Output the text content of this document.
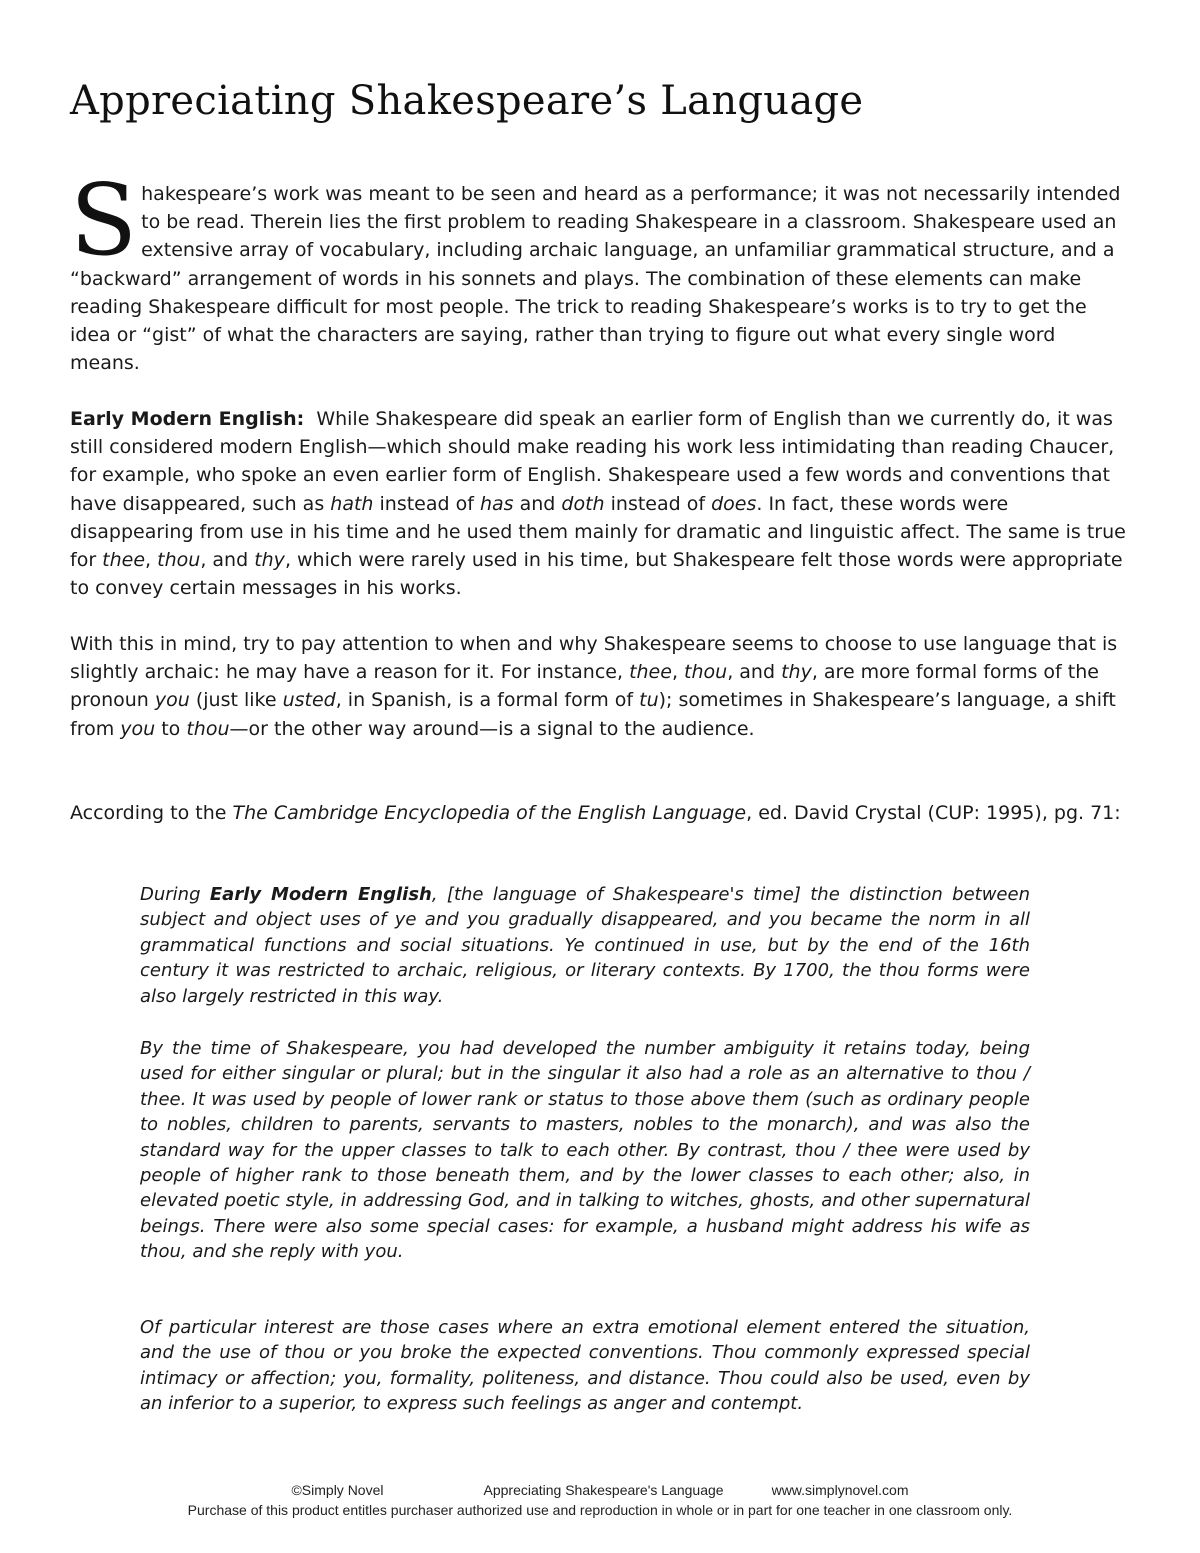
Appreciating Shakespeare’s Language

Shakespeare’s work was meant to be seen and heard as a performance; it was not necessarily intended to be read. Therein lies the first problem to reading Shakespeare in a classroom. Shakespeare used an extensive array of vocabulary, including archaic language, an unfamiliar grammatical structure, and a “backward” arrangement of words in his sonnets and plays. The combination of these elements can make reading Shakespeare difficult for most people. The trick to reading Shakespeare’s works is to try to get the idea or “gist” of what the characters are saying, rather than trying to figure out what every single word means.

Early Modern English: While Shakespeare did speak an earlier form of English than we currently do, it was still considered modern English—which should make reading his work less intimidating than reading Chaucer, for example, who spoke an even earlier form of English. Shakespeare used a few words and conventions that have disappeared, such as hath instead of has and doth instead of does. In fact, these words were disappearing from use in his time and he used them mainly for dramatic and linguistic affect. The same is true for thee, thou, and thy, which were rarely used in his time, but Shakespeare felt those words were appropriate to convey certain messages in his works.

With this in mind, try to pay attention to when and why Shakespeare seems to choose to use language that is slightly archaic: he may have a reason for it. For instance, thee, thou, and thy, are more formal forms of the pronoun you (just like usted, in Spanish, is a formal form of tu); sometimes in Shakespeare’s language, a shift from you to thou—or the other way around—is a signal to the audience.

According to the The Cambridge Encyclopedia of the English Language, ed. David Crystal (CUP: 1995), pg. 71:

During Early Modern English, [the language of Shakespeare's time] the distinction between subject and object uses of ye and you gradually disappeared, and you became the norm in all grammatical functions and social situations. Ye continued in use, but by the end of the 16th century it was restricted to archaic, religious, or literary contexts. By 1700, the thou forms were also largely restricted in this way.

By the time of Shakespeare, you had developed the number ambiguity it retains today, being used for either singular or plural; but in the singular it also had a role as an alternative to thou / thee. It was used by people of lower rank or status to those above them (such as ordinary people to nobles, children to parents, servants to masters, nobles to the monarch), and was also the standard way for the upper classes to talk to each other. By contrast, thou / thee were used by people of higher rank to those beneath them, and by the lower classes to each other; also, in elevated poetic style, in addressing God, and in talking to witches, ghosts, and other supernatural beings. There were also some special cases: for example, a husband might address his wife as thou, and she reply with you.

Of particular interest are those cases where an extra emotional element entered the situation, and the use of thou or you broke the expected conventions. Thou commonly expressed special intimacy or affection; you, formality, politeness, and distance. Thou could also be used, even by an inferior to a superior, to express such feelings as anger and contempt.

©Simply Novel	Appreciating Shakespeare's Language	www.simplynovel.com
Purchase of this product entitles purchaser authorized use and reproduction in whole or in part for one teacher in one classroom only.
